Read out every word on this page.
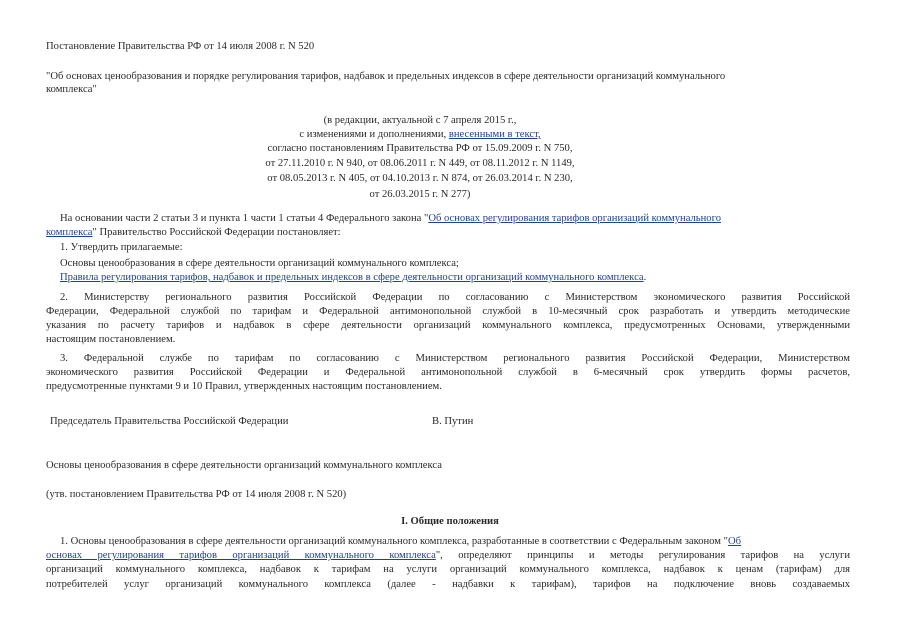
Постановление Правительства РФ от 14 июля 2008 г. N 520
"Об основах ценообразования и порядке регулирования тарифов, надбавок и предельных индексов в сфере деятельности организаций коммунального
комплекса"
(в редакции, актуальной с 7 апреля 2015 г.,
с изменениями и дополнениями, внесенными в текст,
согласно постановлениям Правительства РФ от 15.09.2009 г. N 750,
от 27.11.2010 г. N 940, от 08.06.2011 г. N 449, от 08.11.2012 г. N 1149,
от 08.05.2013 г. N 405, от 04.10.2013 г. N 874, от 26.03.2014 г. N 230,
от 26.03.2015 г. N 277)
На основании части 2 статьи 3 и пункта 1 части 1 статьи 4 Федерального закона "Об основах регулирования тарифов организаций коммунального
комплекса" Правительство Российской Федерации постановляет:
1. Утвердить прилагаемые:
Основы ценообразования в сфере деятельности организаций коммунального комплекса;
Правила регулирования тарифов, надбавок и предельных индексов в сфере деятельности организаций коммунального комплекса.
2. Министерству регионального развития Российской Федерации по согласованию с Министерством экономического развития Российской
Федерации, Федеральной службой по тарифам и Федеральной антимонопольной службой в 10-месячный срок разработать и утвердить методические
указания по расчету тарифов и надбавок в сфере деятельности организаций коммунального комплекса, предусмотренных Основами, утвержденными
настоящим постановлением.
3. Федеральной службе по тарифам по согласованию с Министерством регионального развития Российской Федерации, Министерством
экономического развития Российской Федерации и Федеральной антимонопольной службой в 6-месячный срок утвердить формы расчетов,
предусмотренные пунктами 9 и 10 Правил, утвержденных настоящим постановлением.
Председатель Правительства Российской Федерации	В. Путин
Основы ценообразования в сфере деятельности организаций коммунального комплекса
(утв. постановлением Правительства РФ от 14 июля 2008 г. N 520)
I. Общие положения
1. Основы ценообразования в сфере деятельности организаций коммунального комплекса, разработанные в соответствии с Федеральным законом "Об
основах регулирования тарифов организаций коммунального комплекса", определяют принципы и методы регулирования тарифов на услуги
организаций коммунального комплекса, надбавок к тарифам на услуги организаций коммунального комплекса, надбавок к ценам (тарифам) для
потребителей услуг организаций коммунального комплекса (далее - надбавки к тарифам), тарифов на подключение вновь создаваемых
